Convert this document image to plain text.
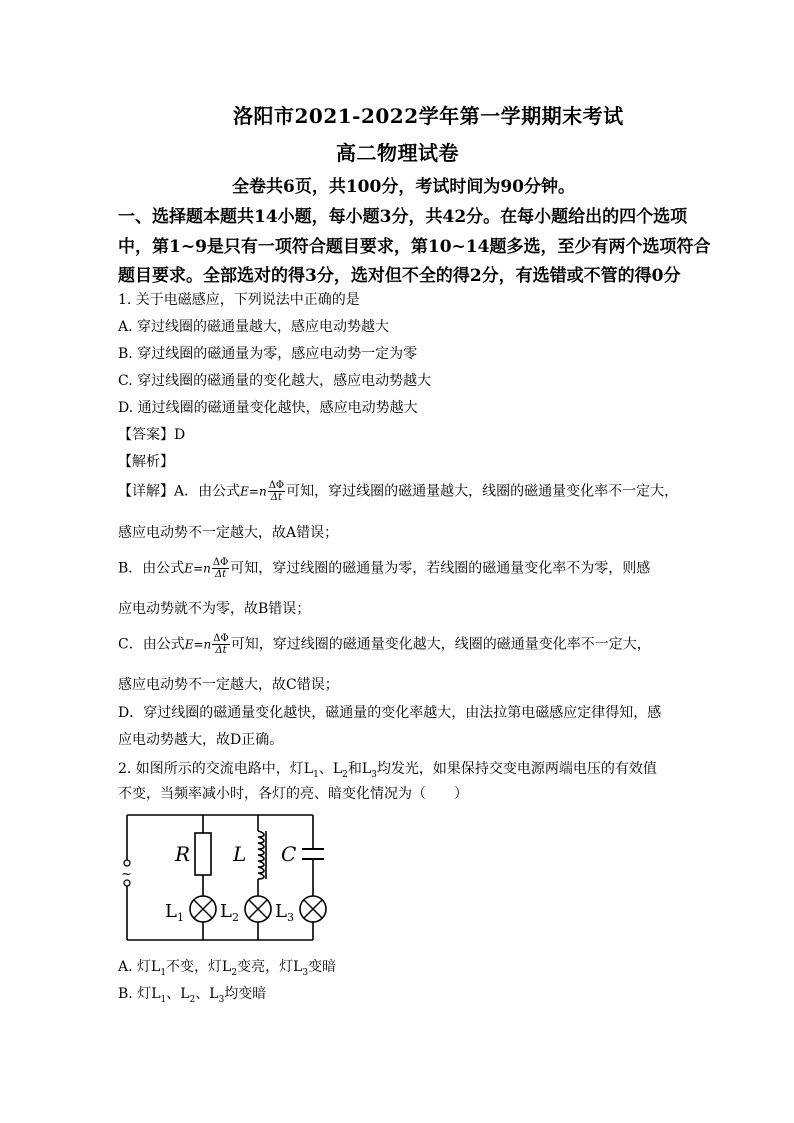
洛阳市2021-2022学年第一学期期末考试
高二物理试卷
全卷共6页，共100分，考试时间为90分钟。
一、选择题本题共14小题，每小题3分，共42分。在每小题给出的四个选项
中，第1~9是只有一项符合题目要求，第10~14题多选，至少有两个选项符合
题目要求。全部选对的得3分，选对但不全的得2分，有选错或不管的得0分
1. 关于电磁感应，下列说法中正确的是
A. 穿过线圈的磁通量越大，感应电动势越大
B. 穿过线圈的磁通量为零，感应电动势一定为零
C. 穿过线圈的磁通量的变化越大，感应电动势越大
D. 通过线圈的磁通量变化越快，感应电动势越大
【答案】D
【解析】
【详解】A．由公式$E=n \frac{\Delta\Phi}{\Delta t}$ 可知，穿过线圈的磁通量越大，线圈的磁通量变化率不一定大，
感应电动势不一定越大，故A错误；
B．由公式$E=n \frac{\Delta\Phi}{\Delta t}$ 可知，穿过线圈的磁通量为零，若线圈的磁通量变化率不为零，则感
应电动势就不为零，故B错误；
C．由公式$E=n \frac{\Delta\Phi}{\Delta t}$ 可知，穿过线圈的磁通量变化越大，线圈的磁通量变化率不一定大，
感应电动势不一定越大，故C错误；
D．穿过线圈的磁通量变化越快，磁通量的变化率越大，由法拉第电磁感应定律得知，感
应电动势越大，故D正确。
2. 如图所示的交流电路中，灯$L_1$、$L_2$和$L_3$均发光，如果保持交变电源两端电压的有效值
不变，当频率减小时，各灯的亮、暗变化情况为（　　）
~
R L C
$L_1$ $L_2$ $L_3$
A. 灯$L_1$不变，灯$L_2$变亮，灯$L_3$变暗
B. 灯$L_1$、$L_2$、$L_3$均变暗
